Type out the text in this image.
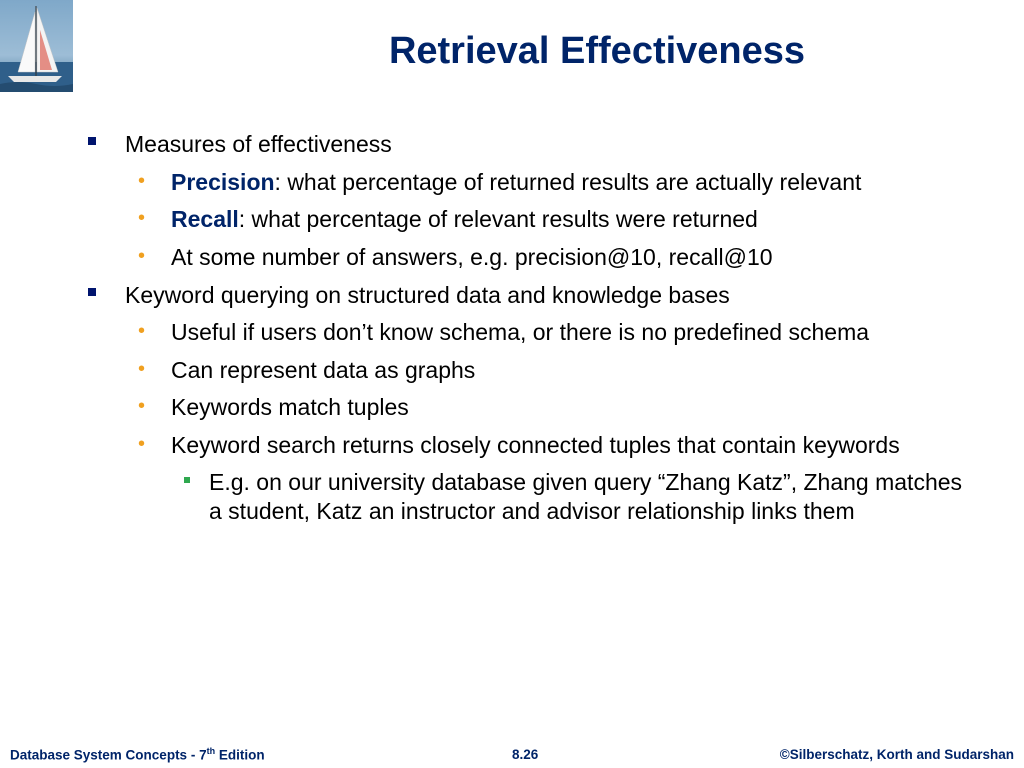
Retrieval Effectiveness
Measures of effectiveness
• Precision: what percentage of returned results are actually relevant
• Recall: what percentage of relevant results were returned
• At some number of answers, e.g. precision@10, recall@10
Keyword querying on structured data and knowledge bases
• Useful if users don’t know schema, or there is no predefined schema
• Can represent data as graphs
• Keywords match tuples
• Keyword search returns closely connected tuples that contain keywords
E.g. on our university database given query “Zhang Katz”, Zhang matches a student, Katz an instructor and advisor relationship links them
Database System Concepts - 7th Edition	8.26	©Silberschatz, Korth and Sudarshan
